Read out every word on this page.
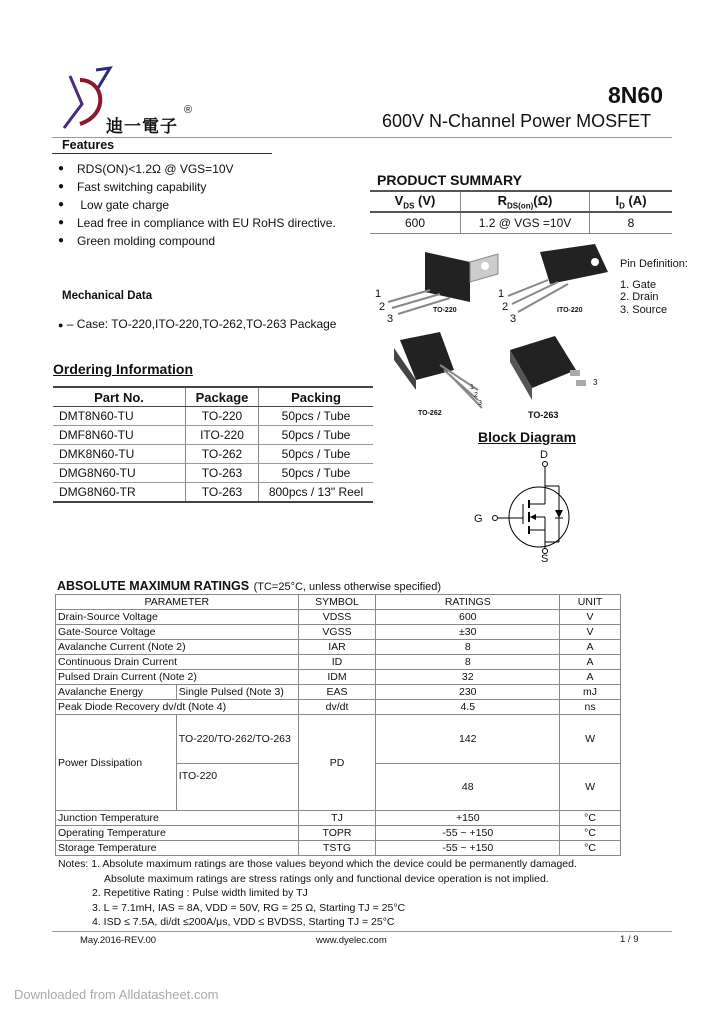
迪一電子
®
8N60
600V N-Channel Power MOSFET
Features
● RDS(ON)<1.2Ω @ VGS=10V
● Fast switching capability
● Low gate charge
● Lead free in compliance with EU RoHS directive.
● Green molding compound
Mechanical Data
● – Case: TO-220,ITO-220,TO-262,TO-263 Package
PRODUCT SUMMARY
$V_{DS}$ (V)	$R_{DS(on)}(\Omega)$	$I_D$ (A)
600	1.2 @ VGS =10V	8
TO-220	ITO-220
TO-262	TO-263
1
2
3
1
2
3
1
2
3
3
Pin Definition:
1. Gate
2. Drain
3. Source
Ordering Information
Part No.	Package	Packing
DMT8N60-TU	TO-220	50pcs / Tube
DMF8N60-TU	ITO-220	50pcs / Tube
DMK8N60-TU	TO-262	50pcs / Tube
DMG8N60-TU	TO-263	50pcs / Tube
DMG8N60-TR	TO-263	800pcs / 13" Reel
Block Diagram
D
G
S
ABSOLUTE MAXIMUM RATINGS (TC=25°C, unless otherwise specified)
PARAMETER		SYMBOL	RATINGS	UNIT
Drain-Source Voltage		VDSS	600	V
Gate-Source Voltage		VGSS	±30	V
Avalanche Current (Note 2)		IAR	8	A
Continuous Drain Current		ID	8	A
Pulsed Drain Current (Note 2)		IDM	32	A
Avalanche Energy	Single Pulsed (Note 3)	EAS	230	mJ
Peak Diode Recovery dv/dt (Note 4)		dv/dt	4.5	ns
Power Dissipation	TO-220/TO-262/TO-263	PD	142	W
	ITO-220		48	W
Junction Temperature		TJ	+150	°C
Operating Temperature		TOPR	-55 ~ +150	°C
Storage Temperature		TSTG	-55 ~ +150	°C
Notes: 1. Absolute maximum ratings are those values beyond which the device could be permanently damaged.
Absolute maximum ratings are stress ratings only and functional device operation is not implied.
2. Repetitive Rating : Pulse width limited by TJ
3. L = 7.1mH, IAS = 8A, VDD = 50V, RG = 25 Ω, Starting TJ = 25°C
4. ISD ≤ 7.5A, di/dt ≤200A/μs, VDD ≤ BVDSS, Starting TJ = 25°C
May.2016-REV.00	www.dyelec.com	1 / 9
Downloaded from Alldatasheet.com
